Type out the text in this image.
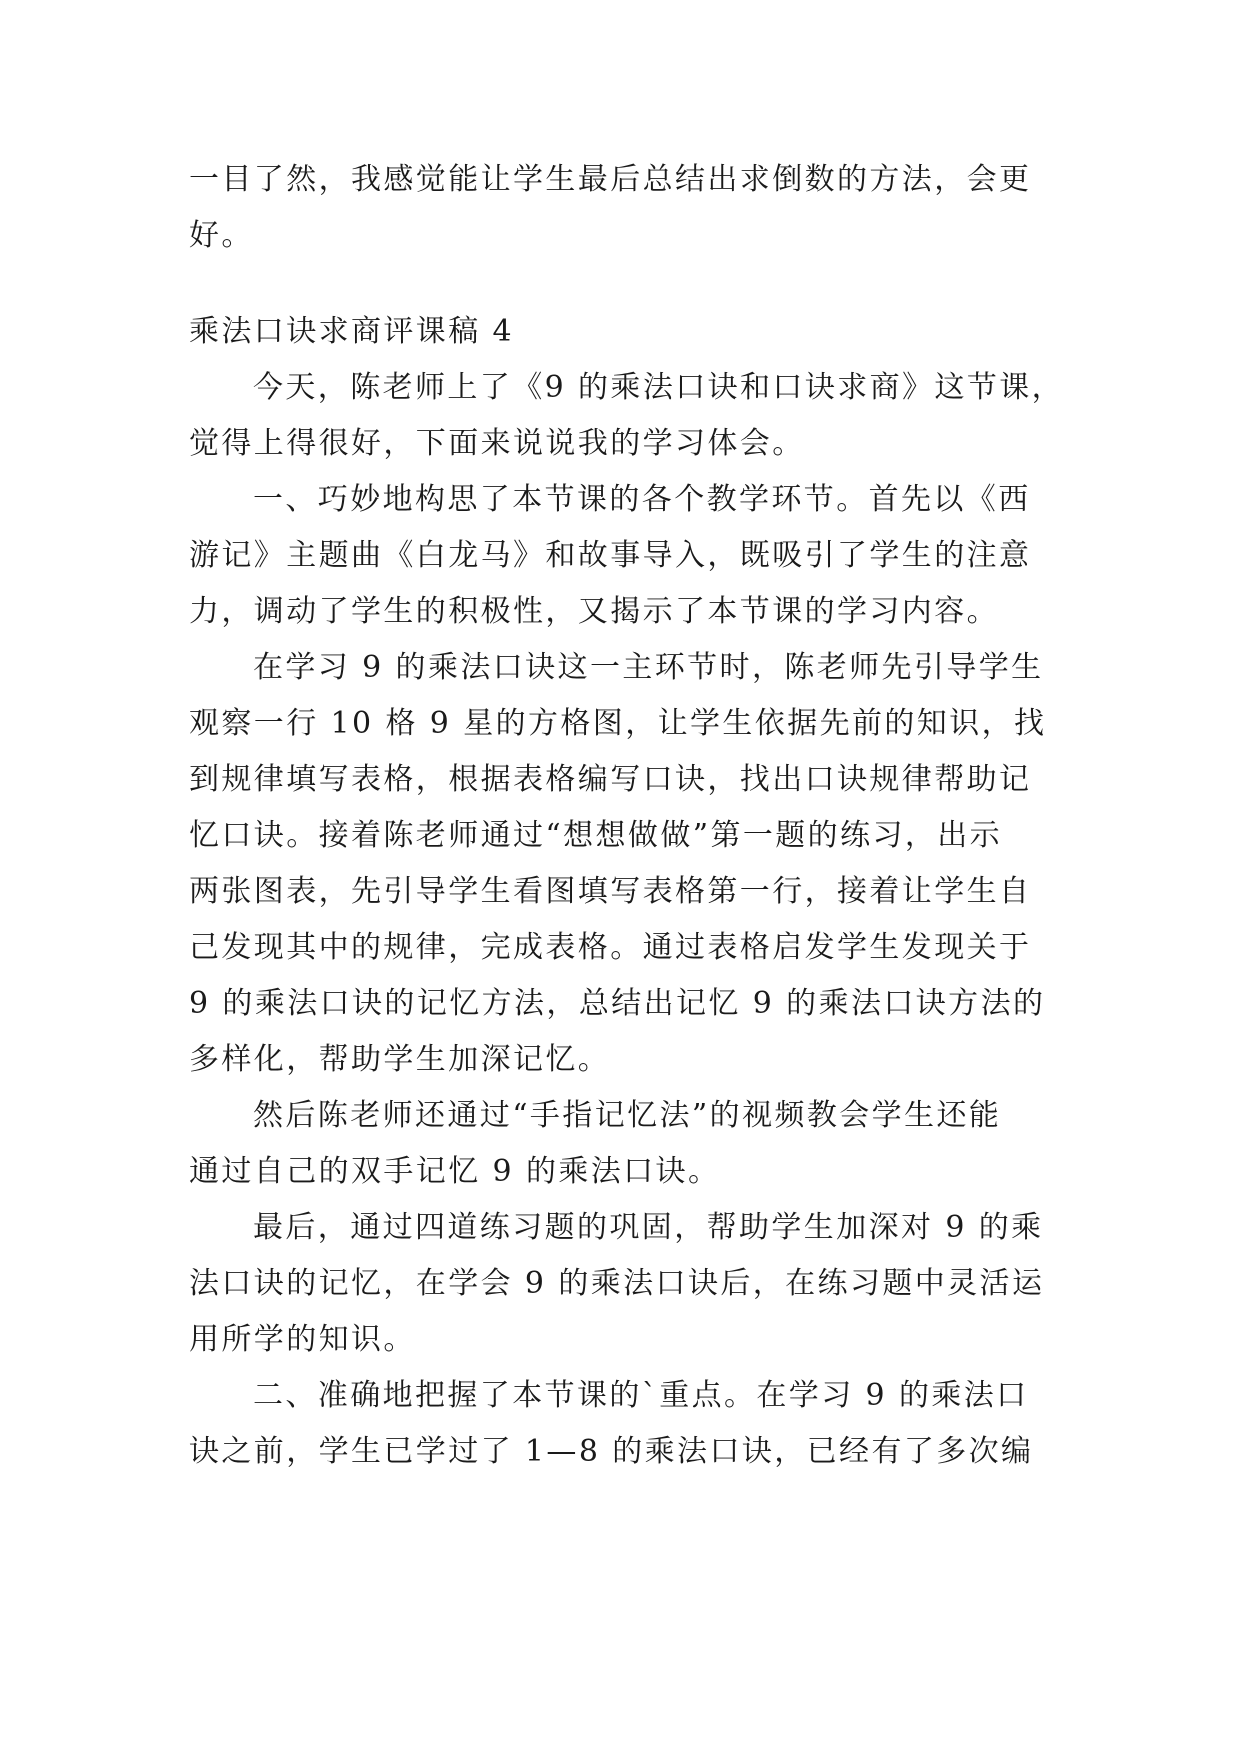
一目了然，我感觉能让学生最后总结出求倒数的方法，会更
好。
乘法口诀求商评课稿 4
今天，陈老师上了《9 的乘法口诀和口诀求商》这节课，
觉得上得很好，下面来说说我的学习体会。
一、巧妙地构思了本节课的各个教学环节。首先以《西
游记》主题曲《白龙马》和故事导入，既吸引了学生的注意
力，调动了学生的积极性，又揭示了本节课的学习内容。
在学习 9 的乘法口诀这一主环节时，陈老师先引导学生
观察一行 10 格 9 星的方格图，让学生依据先前的知识，找
到规律填写表格，根据表格编写口诀，找出口诀规律帮助记
忆口诀。接着陈老师通过“想想做做”第一题的练习，出示
两张图表，先引导学生看图填写表格第一行，接着让学生自
己发现其中的规律，完成表格。通过表格启发学生发现关于
9 的乘法口诀的记忆方法，总结出记忆 9 的乘法口诀方法的
多样化，帮助学生加深记忆。
然后陈老师还通过“手指记忆法”的视频教会学生还能
通过自己的双手记忆 9 的乘法口诀。
最后，通过四道练习题的巩固，帮助学生加深对 9 的乘
法口诀的记忆，在学会 9 的乘法口诀后，在练习题中灵活运
用所学的知识。
二、准确地把握了本节课的`重点。在学习 9 的乘法口
诀之前，学生已学过了 1—8 的乘法口诀，已经有了多次编
